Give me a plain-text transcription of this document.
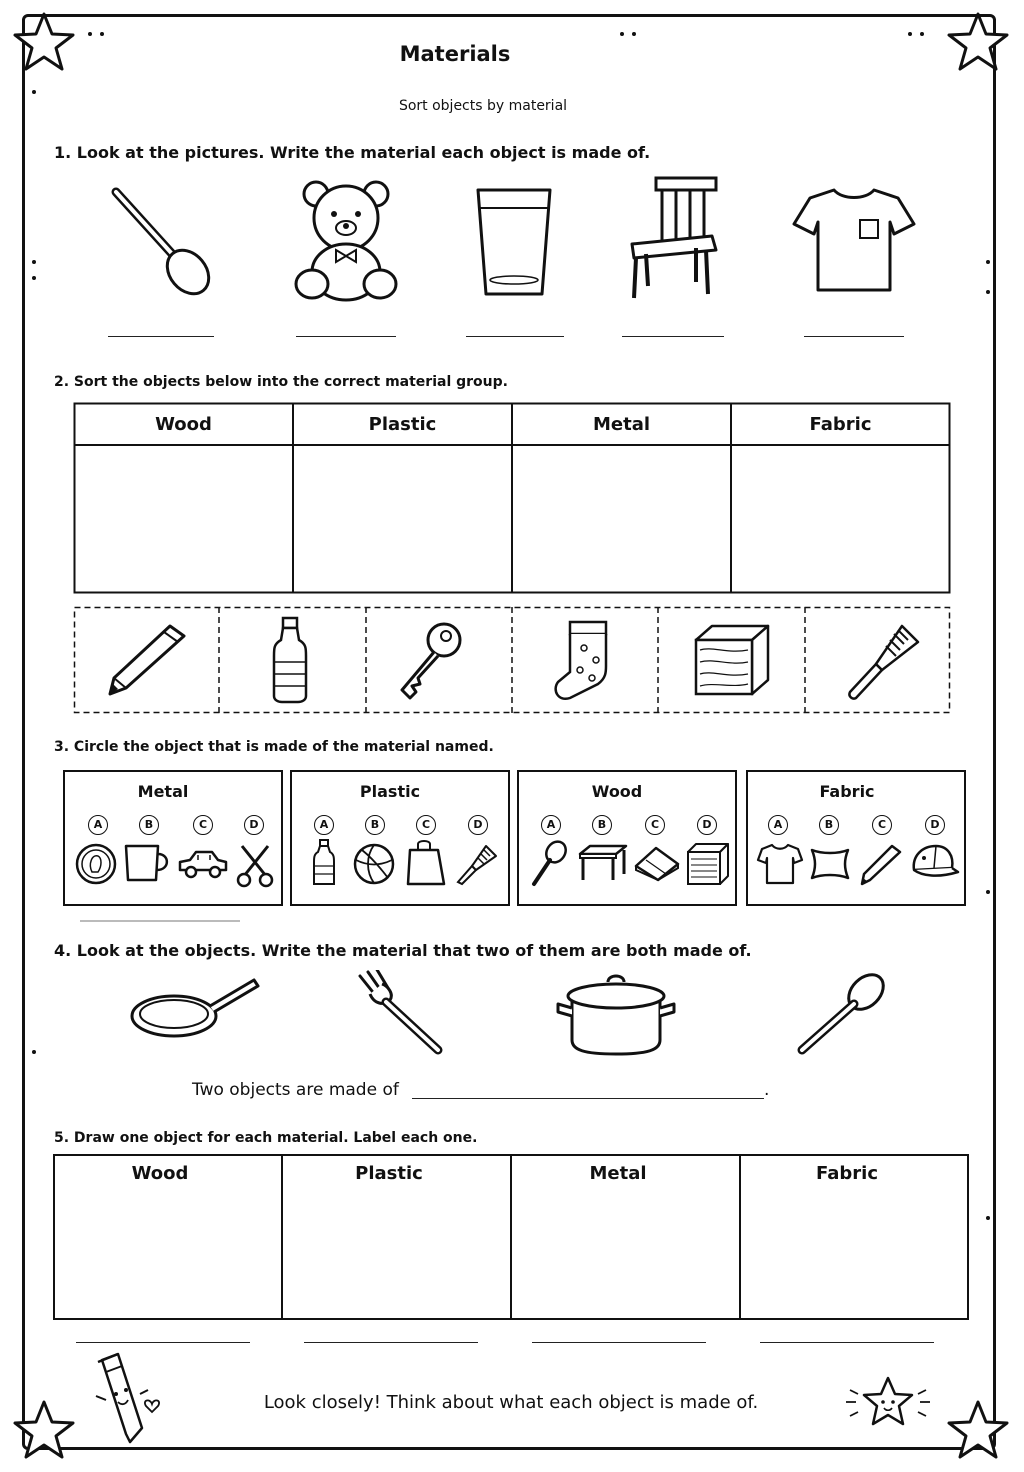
Materials
Sort objects by material
1. Look at the pictures. Write the material each object is made of.
2. Sort the objects below into the correct material group.
Wood	Plastic	Metal	Fabric
3. Circle the object that is made of the material named.
Metal	Plastic	Wood	Fabric
A	B	C	D	A	B	C	D	A	B	C	D	A	B	C	D
4. Look at the objects. Write the material that two of them are both made of.
Two objects are made of	.
5. Draw one object for each material. Label each one.
Wood	Plastic	Metal	Fabric
Look closely! Think about what each object is made of.
